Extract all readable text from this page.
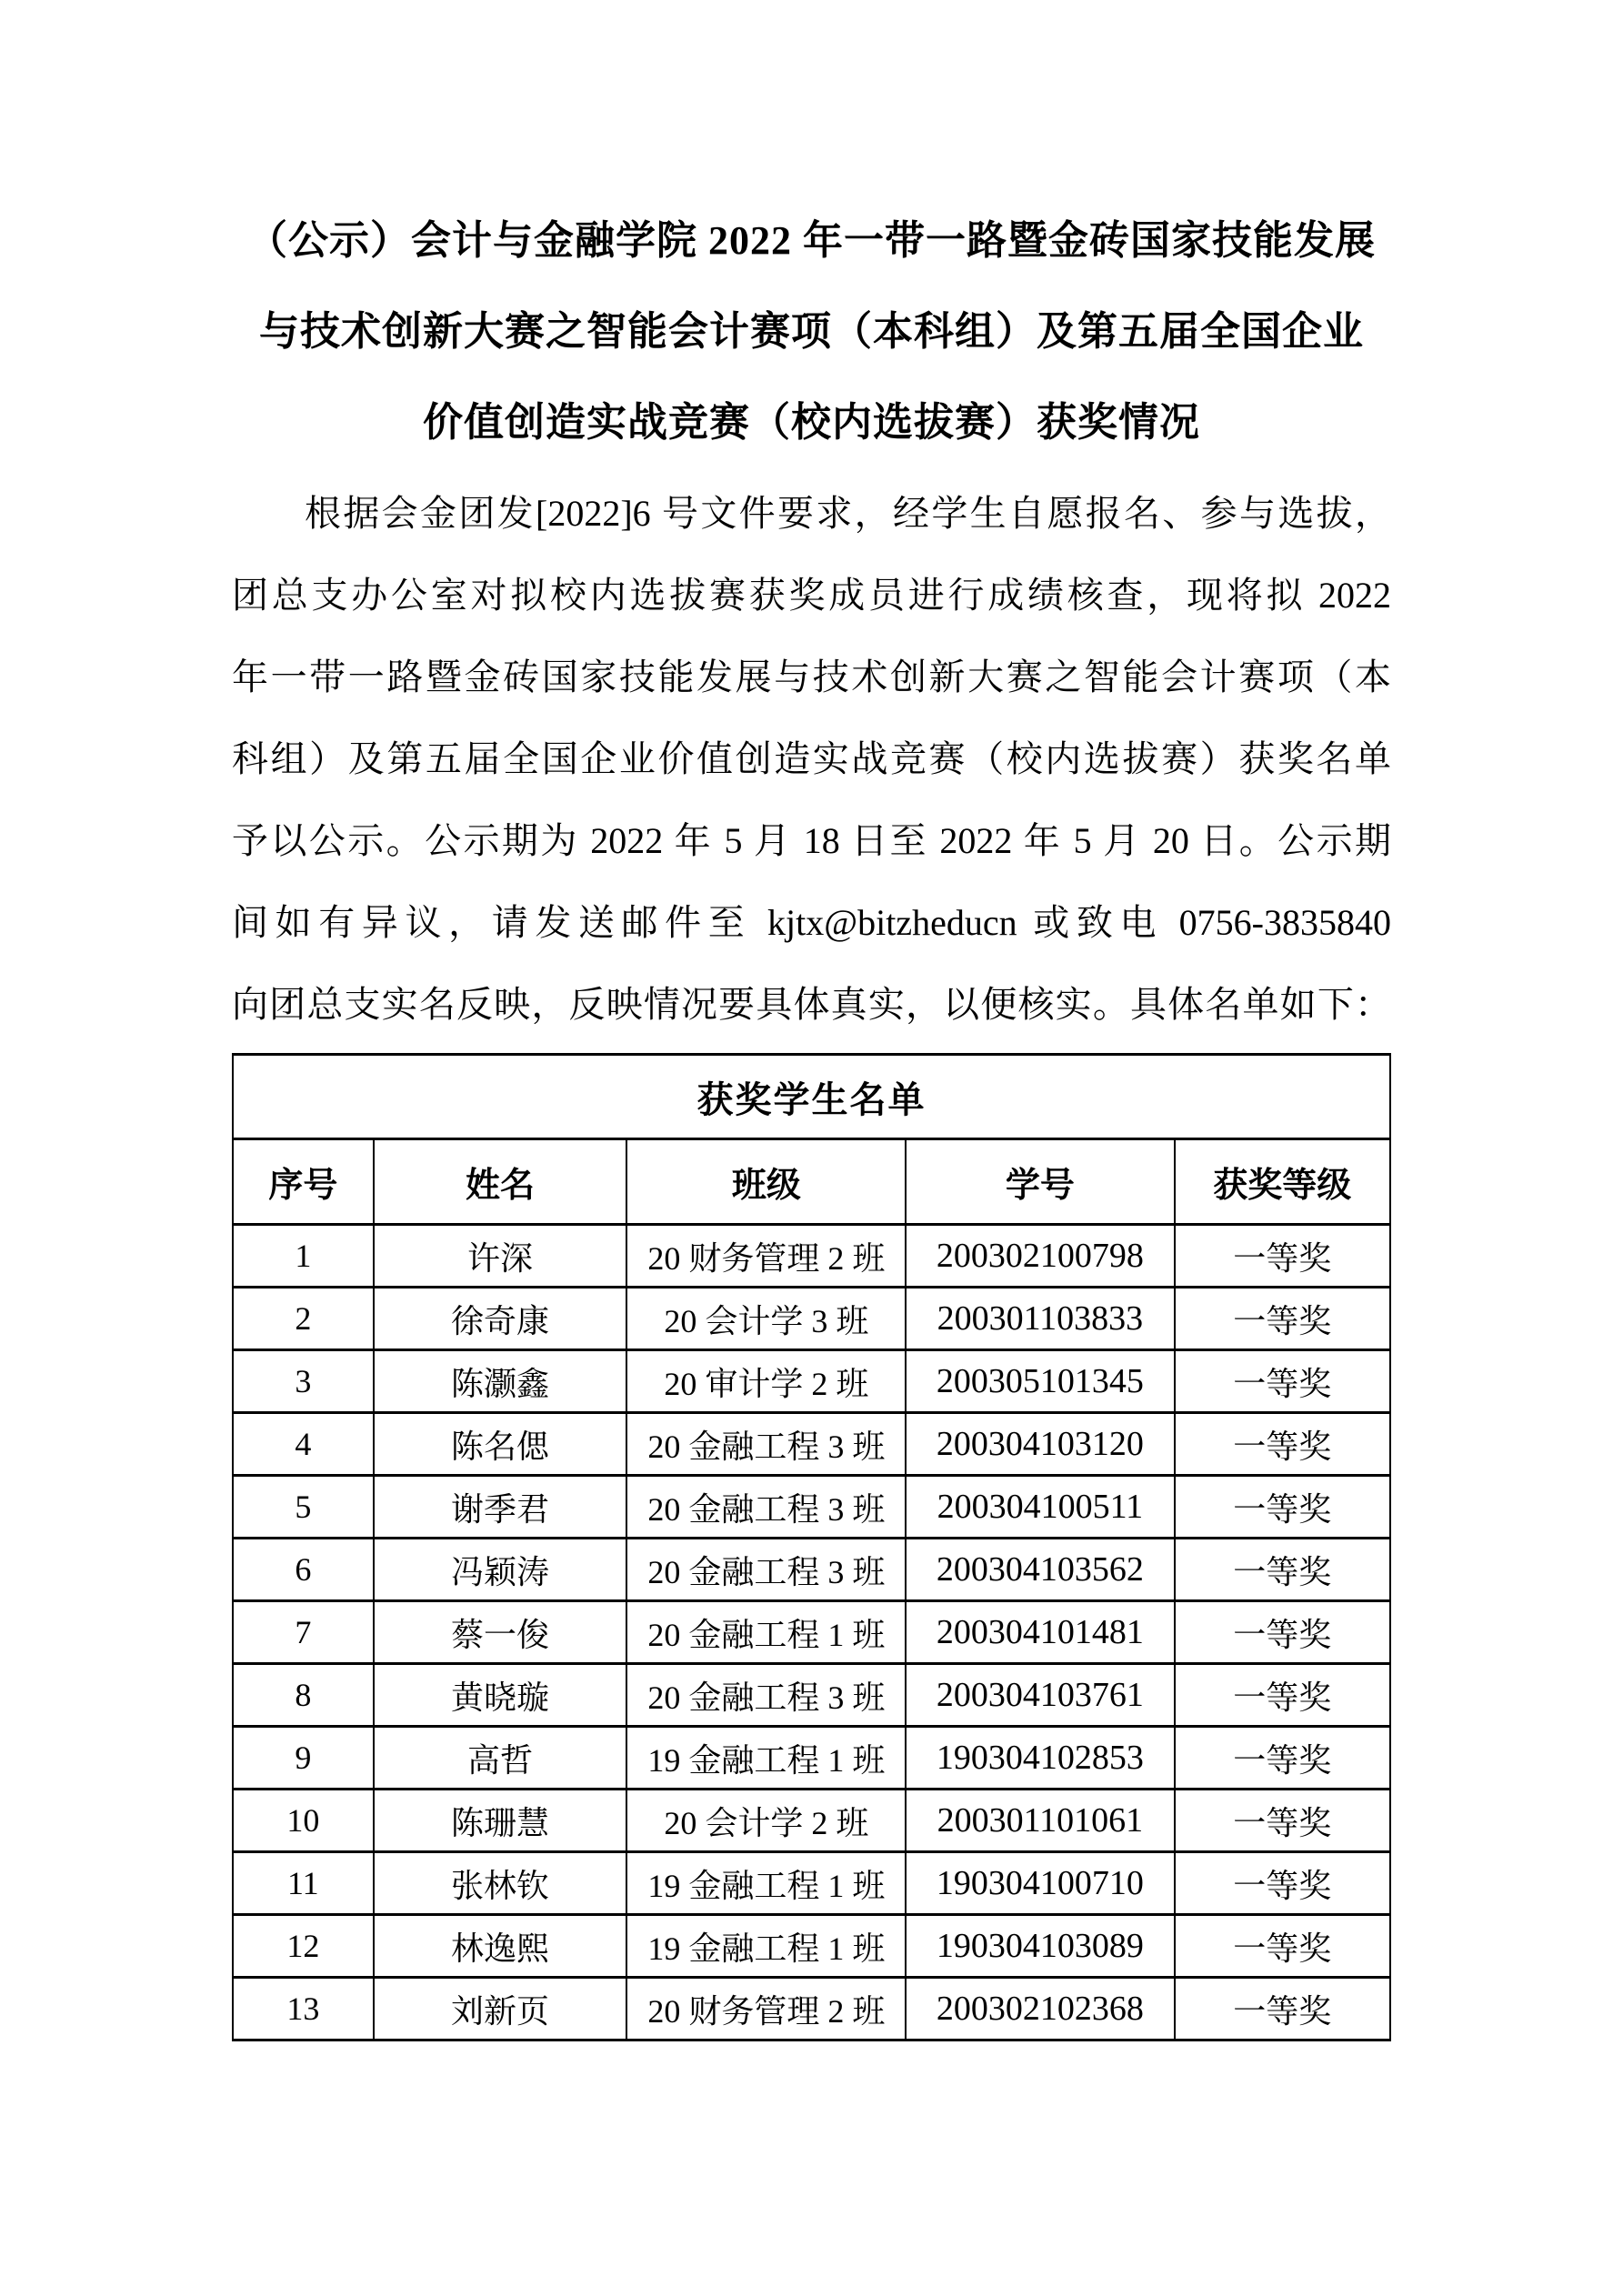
（公示）会计与金融学院 2022 年一带一路暨金砖国家技能发展
与技术创新大赛之智能会计赛项（本科组）及第五届全国企业
价值创造实战竞赛（校内选拔赛）获奖情况
根据会金团发[2022]6 号文件要求，经学生自愿报名、参与选拔，
团总支办公室对拟校内选拔赛获奖成员进行成绩核查，现将拟 2022
年一带一路暨金砖国家技能发展与技术创新大赛之智能会计赛项（本
科组）及第五届全国企业价值创造实战竞赛（校内选拔赛）获奖名单
予以公示。公示期为 2022 年 5 月 18 日至 2022 年 5 月 20 日。公示期
间如有异议，请发送邮件至 kjtx@bitzheducn 或致电 0756-3835840
向团总支实名反映，反映情况要具体真实，以便核实。具体名单如下：
获奖学生名单				
序号	姓名	班级	学号	获奖等级
1	许深	20 财务管理 2 班	200302100798	一等奖
2	徐奇康	20 会计学 3 班	200301103833	一等奖
3	陈灏鑫	20 审计学 2 班	200305101345	一等奖
4	陈名偲	20 金融工程 3 班	200304103120	一等奖
5	谢季君	20 金融工程 3 班	200304100511	一等奖
6	冯颖涛	20 金融工程 3 班	200304103562	一等奖
7	蔡一俊	20 金融工程 1 班	200304101481	一等奖
8	黄晓璇	20 金融工程 3 班	200304103761	一等奖
9	高哲	19 金融工程 1 班	190304102853	一等奖
10	陈珊慧	20 会计学 2 班	200301101061	一等奖
11	张林钦	19 金融工程 1 班	190304100710	一等奖
12	林逸熙	19 金融工程 1 班	190304103089	一等奖
13	刘新页	20 财务管理 2 班	200302102368	一等奖
